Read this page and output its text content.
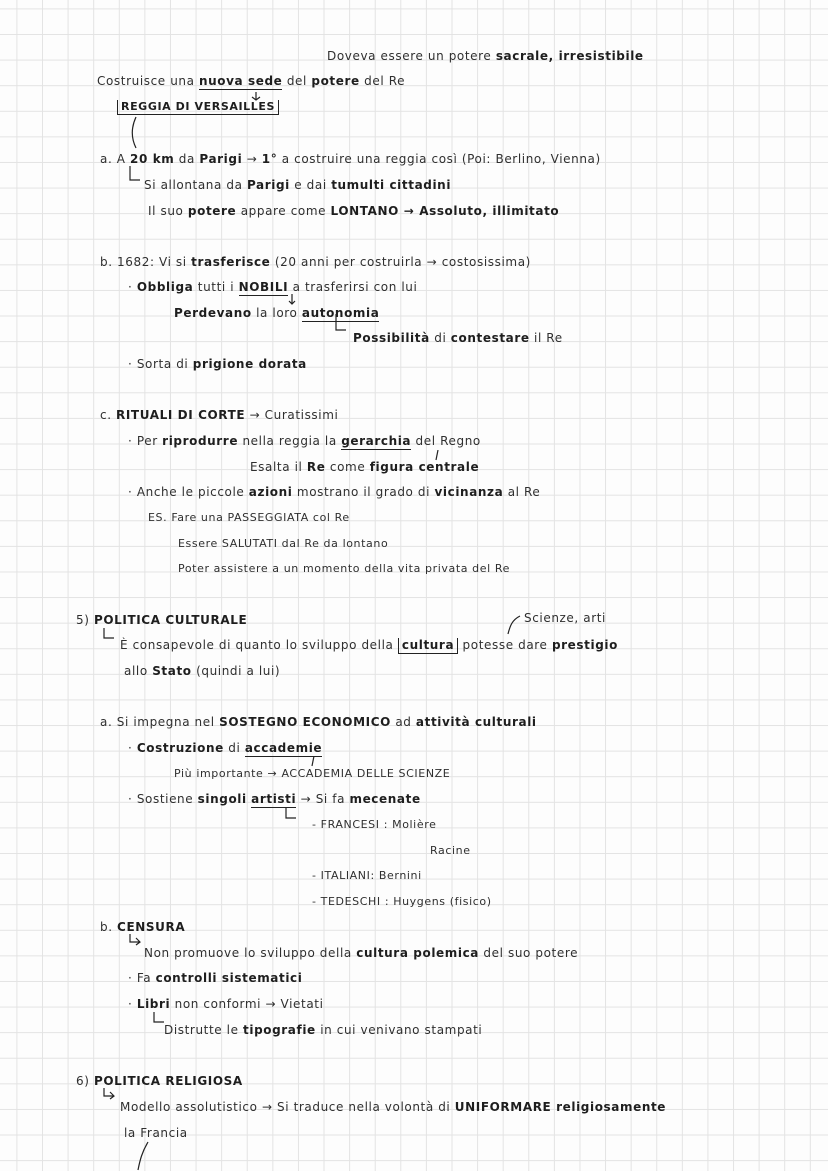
Doveva essere un potere sacrale, irresistibile
Costruisce una nuova sede del potere del Re
REGGIA DI VERSAILLES
a. A 20 km da Parigi → 1° a costruire una reggia così (Poi: Berlino, Vienna)
Si allontana da Parigi e dai tumulti cittadini
Il suo potere appare come LONTANO → Assoluto, illimitato
b. 1682: Vi si trasferisce (20 anni per costruirla → costosissima)
· Obbliga tutti i NOBILI a trasferirsi con lui
Perdevano la loro autonomia
Possibilità di contestare il Re
· Sorta di prigione dorata
c. RITUALI DI CORTE → Curatissimi
· Per riprodurre nella reggia la gerarchia del Regno
Esalta il Re come figura centrale
· Anche le piccole azioni mostrano il grado di vicinanza al Re
ES. Fare una PASSEGGIATA col Re
Essere SALUTATI dal Re da lontano
Poter assistere a un momento della vita privata del Re
Scienze, arti
5) POLITICA CULTURALE
È consapevole di quanto lo sviluppo della cultura potesse dare prestigio
allo Stato (quindi a lui)
a. Si impegna nel SOSTEGNO ECONOMICO ad attività culturali
· Costruzione di accademie
Più importante → ACCADEMIA DELLE SCIENZE
· Sostiene singoli artisti → Si fa mecenate
- FRANCESI : Molière
Racine
- ITALIANI: Bernini
- TEDESCHI : Huygens (fisico)
b. CENSURA
Non promuove lo sviluppo della cultura polemica del suo potere
· Fa controlli sistematici
· Libri non conformi → Vietati
Distrutte le tipografie in cui venivano stampati
6) POLITICA RELIGIOSA
Modello assolutistico → Si traduce nella volontà di UNIFORMARE religiosamente
la Francia
